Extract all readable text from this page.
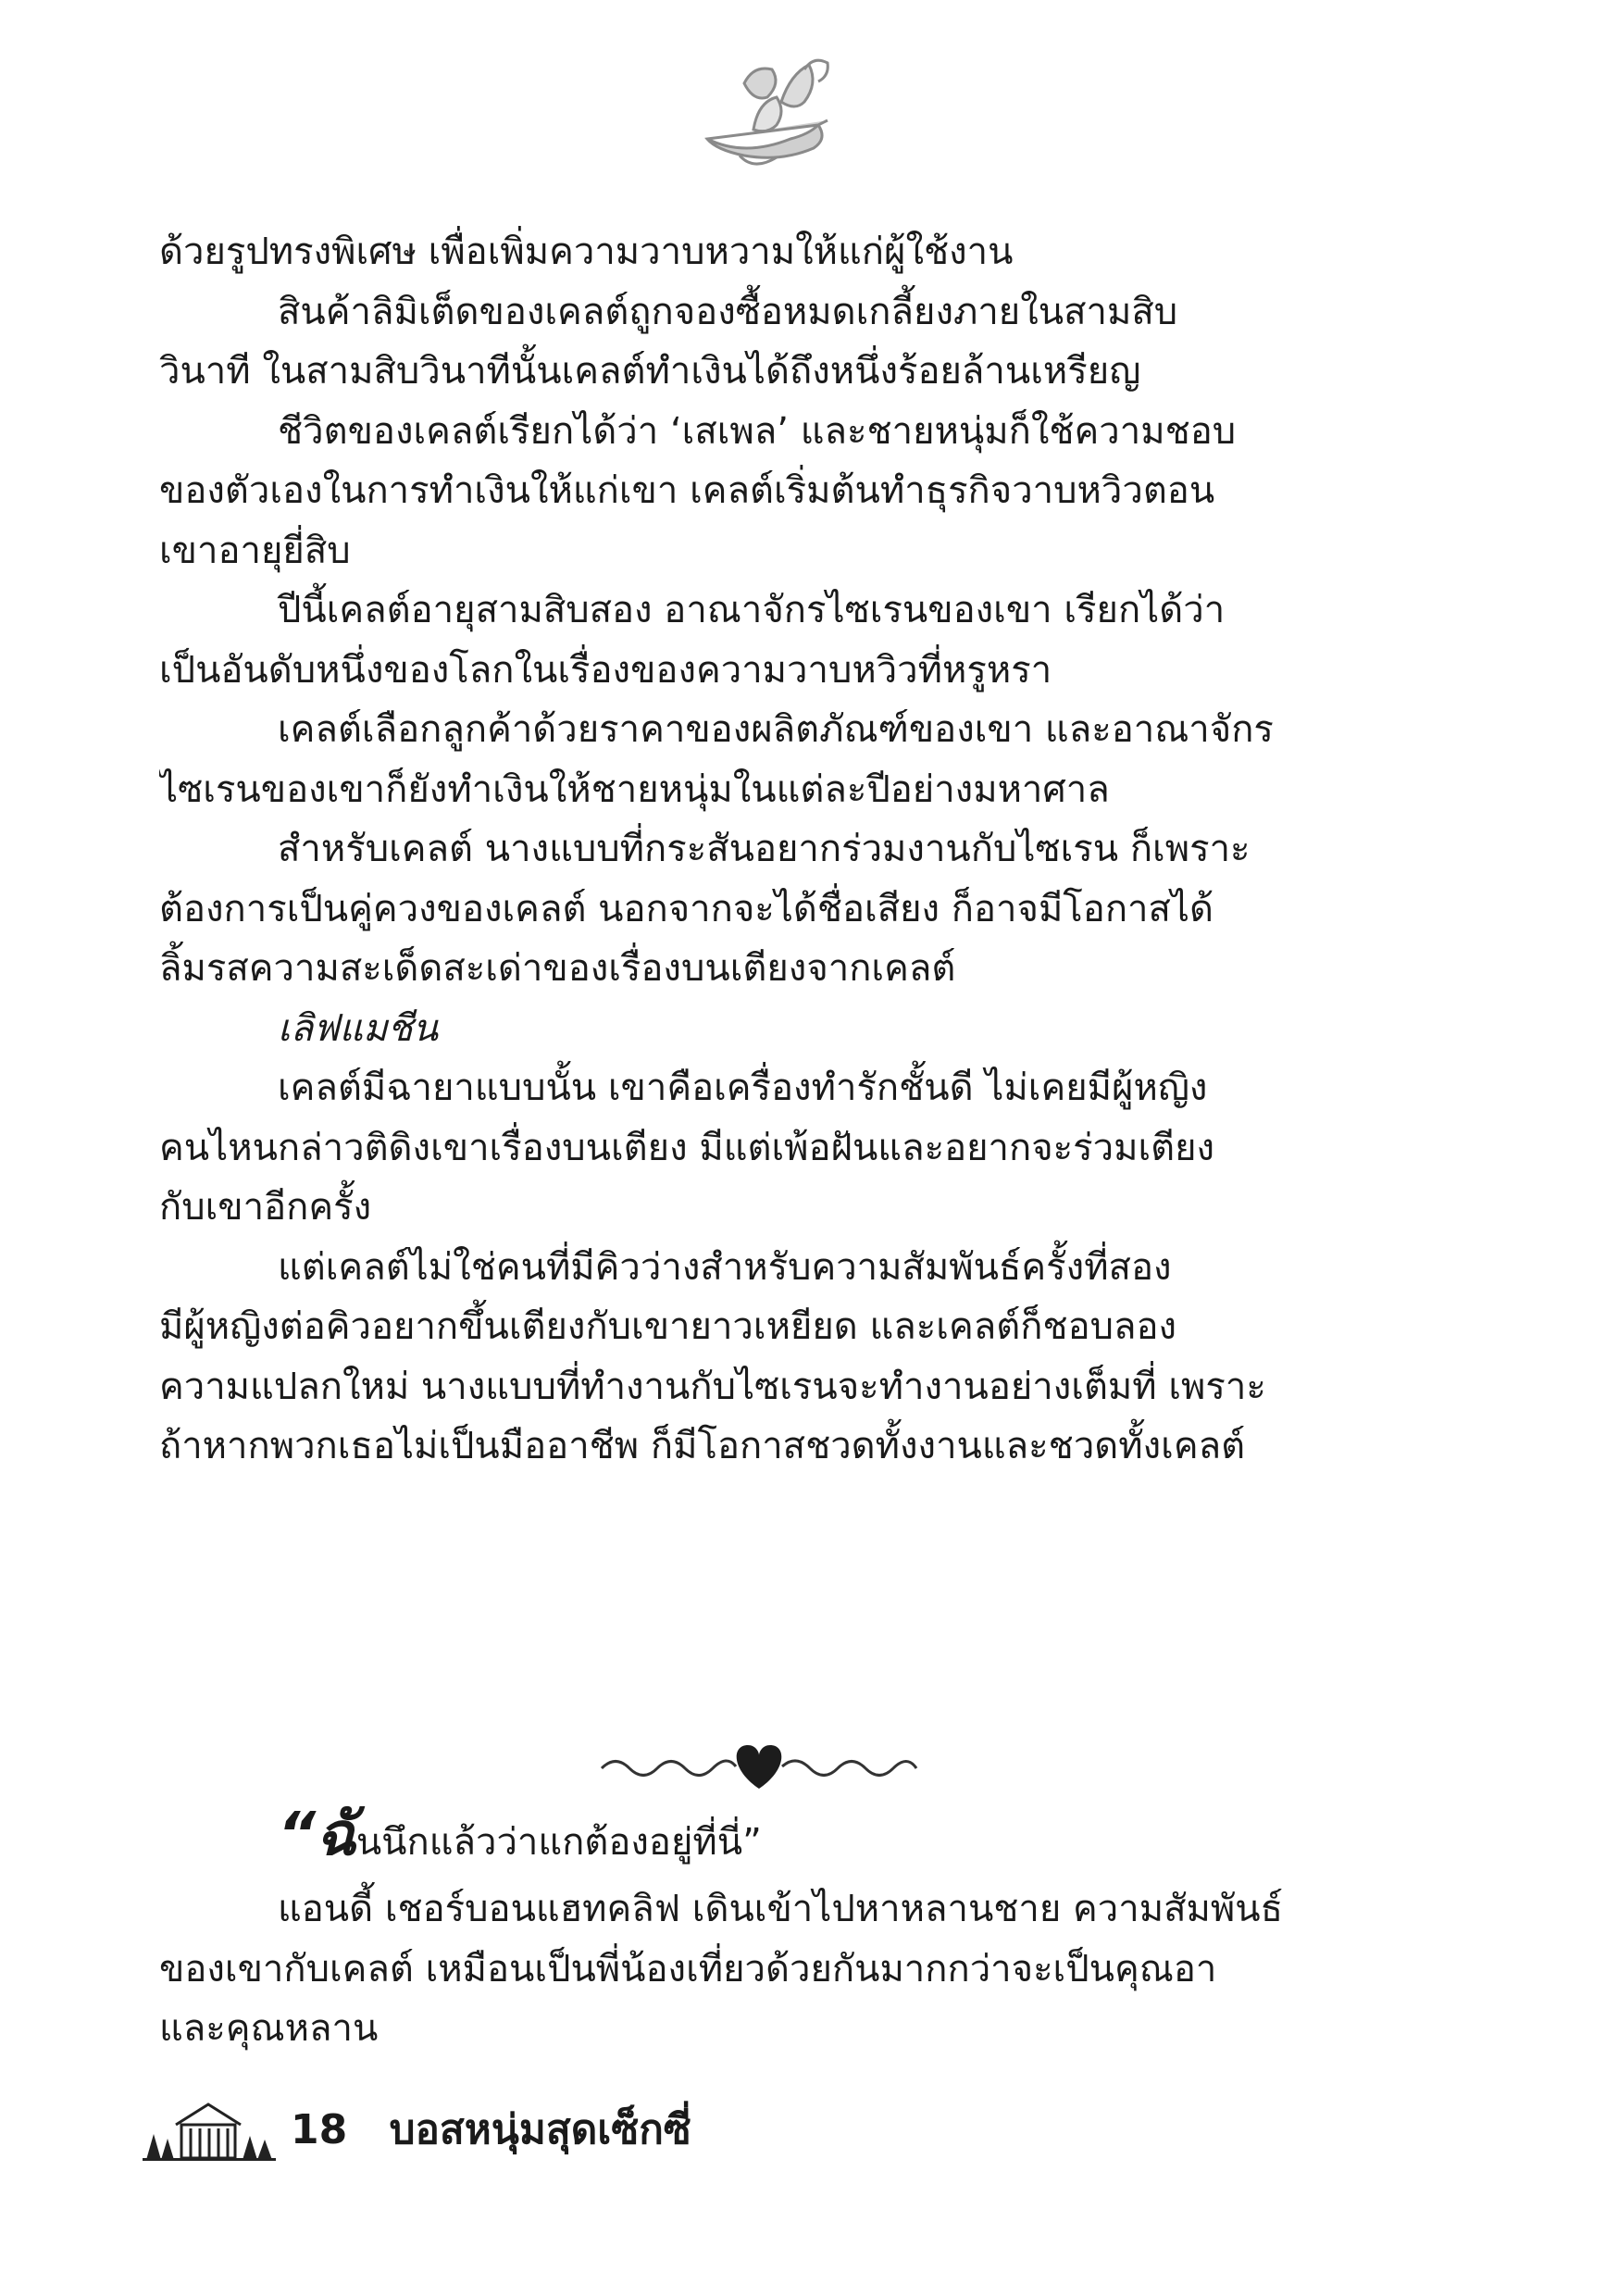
ด้วยรูปทรงพิเศษ เพื่อเพิ่มความวาบหวามให้แก่ผู้ใช้งาน
สินค้าลิมิเต็ดของเคลต์ถูกจองซื้อหมดเกลี้ยงภายในสามสิบ
วินาที ในสามสิบวินาทีนั้นเคลต์ทำเงินได้ถึงหนึ่งร้อยล้านเหรียญ
ชีวิตของเคลต์เรียกได้ว่า ‘เสเพล’ และชายหนุ่มก็ใช้ความชอบ
ของตัวเองในการทำเงินให้แก่เขา เคลต์เริ่มต้นทำธุรกิจวาบหวิวตอน
เขาอายุยี่สิบ
ปีนี้เคลต์อายุสามสิบสอง อาณาจักรไซเรนของเขา เรียกได้ว่า
เป็นอันดับหนึ่งของโลกในเรื่องของความวาบหวิวที่หรูหรา
เคลต์เลือกลูกค้าด้วยราคาของผลิตภัณฑ์ของเขา และอาณาจักร
ไซเรนของเขาก็ยังทำเงินให้ชายหนุ่มในแต่ละปีอย่างมหาศาล
สำหรับเคลต์ นางแบบที่กระสันอยากร่วมงานกับไซเรน ก็เพราะ
ต้องการเป็นคู่ควงของเคลต์ นอกจากจะได้ชื่อเสียง ก็อาจมีโอกาสได้
ลิ้มรสความสะเด็ดสะเด่าของเรื่องบนเตียงจากเคลต์
เลิฟแมชีน
เคลต์มีฉายาแบบนั้น เขาคือเครื่องทำรักชั้นดี ไม่เคยมีผู้หญิง
คนไหนกล่าวติดิงเขาเรื่องบนเตียง มีแต่เพ้อฝันและอยากจะร่วมเตียง
กับเขาอีกครั้ง
แต่เคลต์ไม่ใช่คนที่มีคิวว่างสำหรับความสัมพันธ์ครั้งที่สอง
มีผู้หญิงต่อคิวอยากขึ้นเตียงกับเขายาวเหยียด และเคลต์ก็ชอบลอง
ความแปลกใหม่ นางแบบที่ทำงานกับไซเรนจะทำงานอย่างเต็มที่ เพราะ
ถ้าหากพวกเธอไม่เป็นมืออาชีพ ก็มีโอกาสชวดทั้งงานและชวดทั้งเคลต์
“ฉันนึกแล้วว่าแกต้องอยู่ที่นี่”
แอนดี้ เชอร์บอนแฮทคลิฟ เดินเข้าไปหาหลานชาย ความสัมพันธ์
ของเขากับเคลต์ เหมือนเป็นพี่น้องเที่ยวด้วยกันมากกว่าจะเป็นคุณอา
และคุณหลาน
18 บอสหนุ่มสุดเซ็กซี่
